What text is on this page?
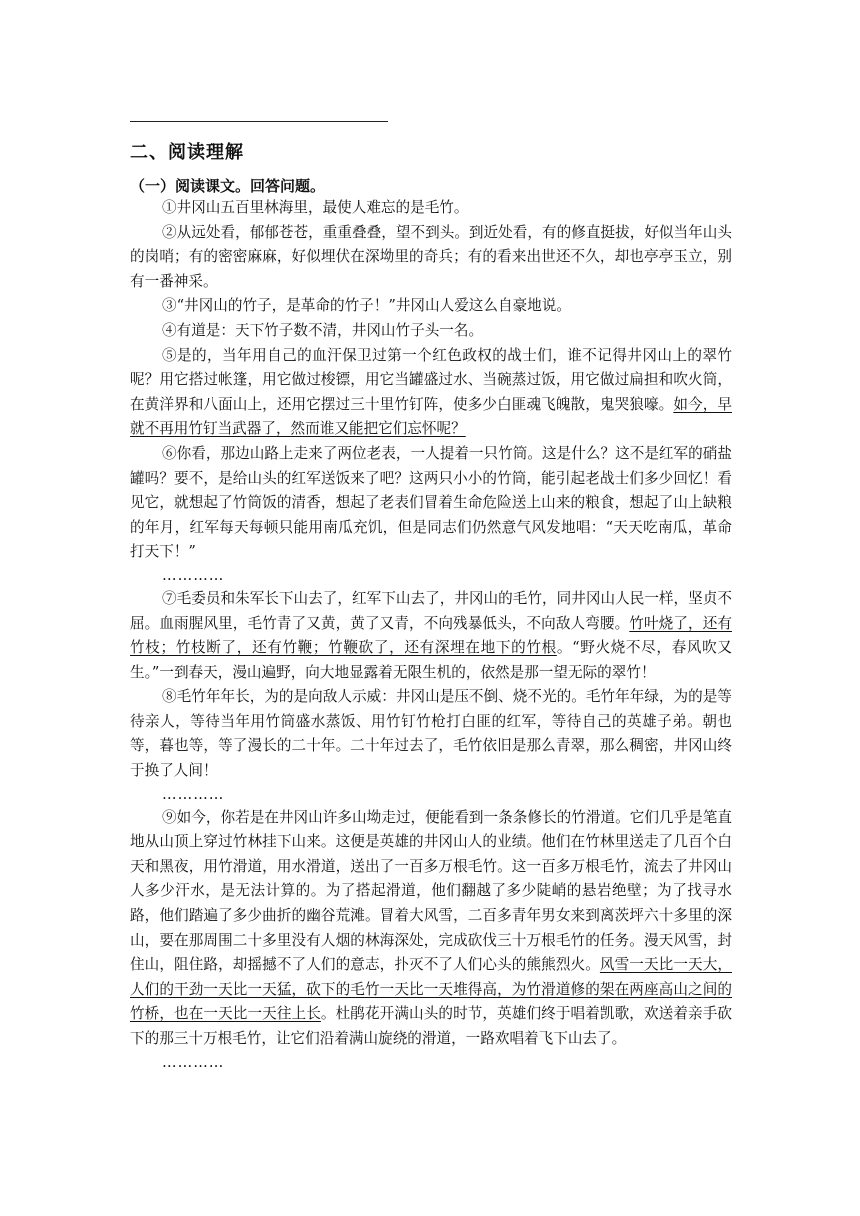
二、阅读理解
（一）阅读课文。回答问题。

①井冈山五百里林海里，最使人难忘的是毛竹。

②从远处看，郁郁苍苍，重重叠叠，望不到头。到近处看，有的修直挺拔，好似当年山头的岗哨；有的密密麻麻，好似埋伏在深坳里的奇兵；有的看来出世还不久，却也亭亭玉立，别有一番神采。

③“井冈山的竹子，是革命的竹子！”井冈山人爱这么自豪地说。

④有道是：天下竹子数不清，井冈山竹子头一名。

⑤是的，当年用自己的血汗保卫过第一个红色政权的战士们，谁不记得井冈山上的翠竹呢？用它搭过帐篷，用它做过梭镖，用它当罐盛过水、当碗蒸过饭，用它做过扁担和吹火筒，在黄洋界和八面山上，还用它摆过三十里竹钉阵，使多少白匪魂飞魄散，鬼哭狼嚎。如今，早就不再用竹钉当武器了，然而谁又能把它们忘怀呢？

⑥你看，那边山路上走来了两位老表，一人提着一只竹筒。这是什么？这不是红军的硝盐罐吗？要不，是给山头的红军送饭来了吧？这两只小小的竹筒，能引起老战士们多少回忆！看见它，就想起了竹筒饭的清香，想起了老表们冒着生命危险送上山来的粮食，想起了山上缺粮的年月，红军每天每顿只能用南瓜充饥，但是同志们仍然意气风发地唱：“天天吃南瓜，革命打天下！”

…………

⑦毛委员和朱军长下山去了，红军下山去了，井冈山的毛竹，同井冈山人民一样，坚贞不屈。血雨腥风里，毛竹青了又黄，黄了又青，不向残暴低头，不向敌人弯腰。竹叶烧了，还有竹枝；竹枝断了，还有竹鞭；竹鞭砍了，还有深埋在地下的竹根。“野火烧不尽，春风吹又生。”一到春天，漫山遍野，向大地显露着无限生机的，依然是那一望无际的翠竹！

⑧毛竹年年长，为的是向敌人示威：井冈山是压不倒、烧不光的。毛竹年年绿，为的是等待亲人，等待当年用竹筒盛水蒸饭、用竹钉竹枪打白匪的红军，等待自己的英雄子弟。朝也等，暮也等，等了漫长的二十年。二十年过去了，毛竹依旧是那么青翠，那么稠密，井冈山终于换了人间！

…………

⑨如今，你若是在井冈山许多山坳走过，便能看到一条条修长的竹滑道。它们几乎是笔直地从山顶上穿过竹林挂下山来。这便是英雄的井冈山人的业绩。他们在竹林里送走了几百个白天和黑夜，用竹滑道，用水滑道，送出了一百多万根毛竹。这一百多万根毛竹，流去了井冈山人多少汗水，是无法计算的。为了搭起滑道，他们翻越了多少陡峭的悬岩绝壁；为了找寻水路，他们踏遍了多少曲折的幽谷荒滩。冒着大风雪，二百多青年男女来到离茨坪六十多里的深山，要在那周围二十多里没有人烟的林海深处，完成砍伐三十万根毛竹的任务。漫天风雪，封住山，阻住路，却摇撼不了人们的意志，扑灭不了人们心头的熊熊烈火。风雪一天比一天大，人们的干劲一天比一天猛，砍下的毛竹一天比一天堆得高，为竹滑道修的架在两座高山之间的竹桥，也在一天比一天往上长。杜鹃花开满山头的时节，英雄们终于唱着凯歌，欢送着亲手砍下的那三十万根毛竹，让它们沿着满山旋绕的滑道，一路欢唱着飞下山去了。

…………
